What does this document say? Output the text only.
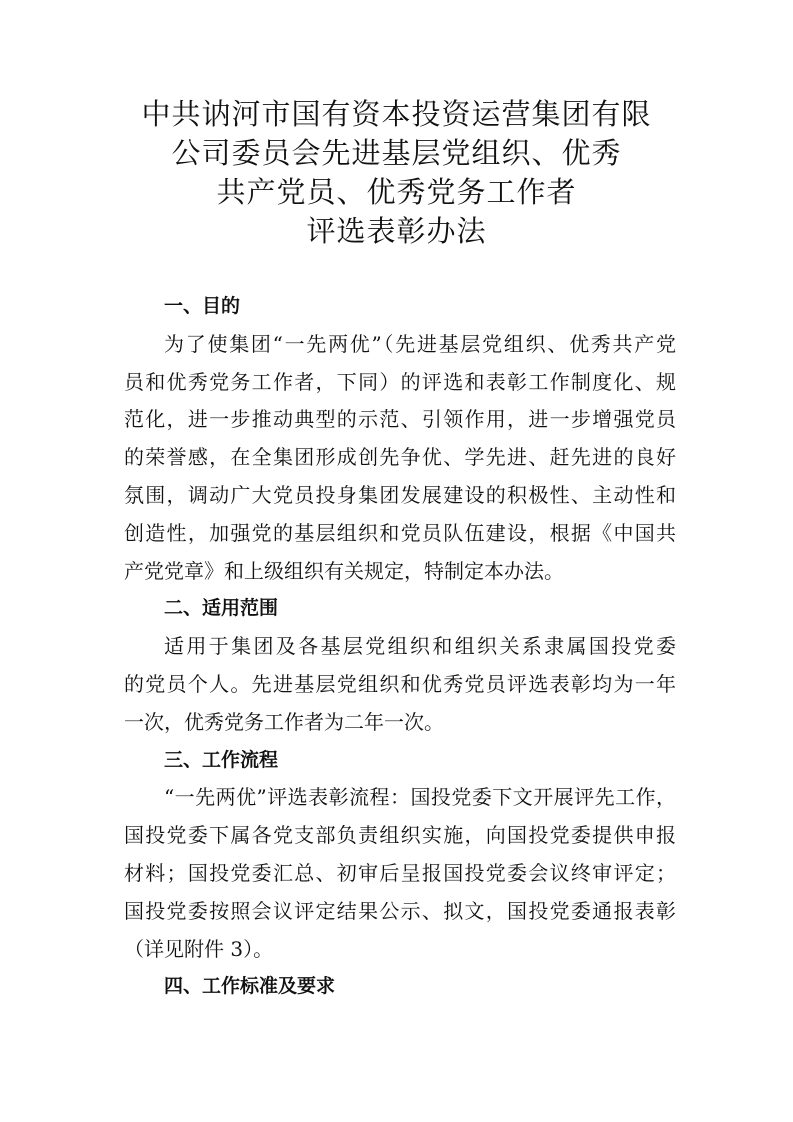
中共讷河市国有资本投资运营集团有限
公司委员会先进基层党组织、优秀
共产党员、优秀党务工作者
评选表彰办法
一、目的
为了使集团“一先两优”（先进基层党组织、优秀共产党
员和优秀党务工作者，下同）的评选和表彰工作制度化、规
范化，进一步推动典型的示范、引领作用，进一步增强党员
的荣誉感，在全集团形成创先争优、学先进、赶先进的良好
氛围，调动广大党员投身集团发展建设的积极性、主动性和
创造性，加强党的基层组织和党员队伍建设，根据《中国共
产党党章》和上级组织有关规定，特制定本办法。
二、适用范围
适用于集团及各基层党组织和组织关系隶属国投党委
的党员个人。先进基层党组织和优秀党员评选表彰均为一年
一次，优秀党务工作者为二年一次。
三、工作流程
“一先两优”评选表彰流程：国投党委下文开展评先工作，
国投党委下属各党支部负责组织实施，向国投党委提供申报
材料；国投党委汇总、初审后呈报国投党委会议终审评定；
国投党委按照会议评定结果公示、拟文，国投党委通报表彰
（详见附件 3）。
四、工作标准及要求
